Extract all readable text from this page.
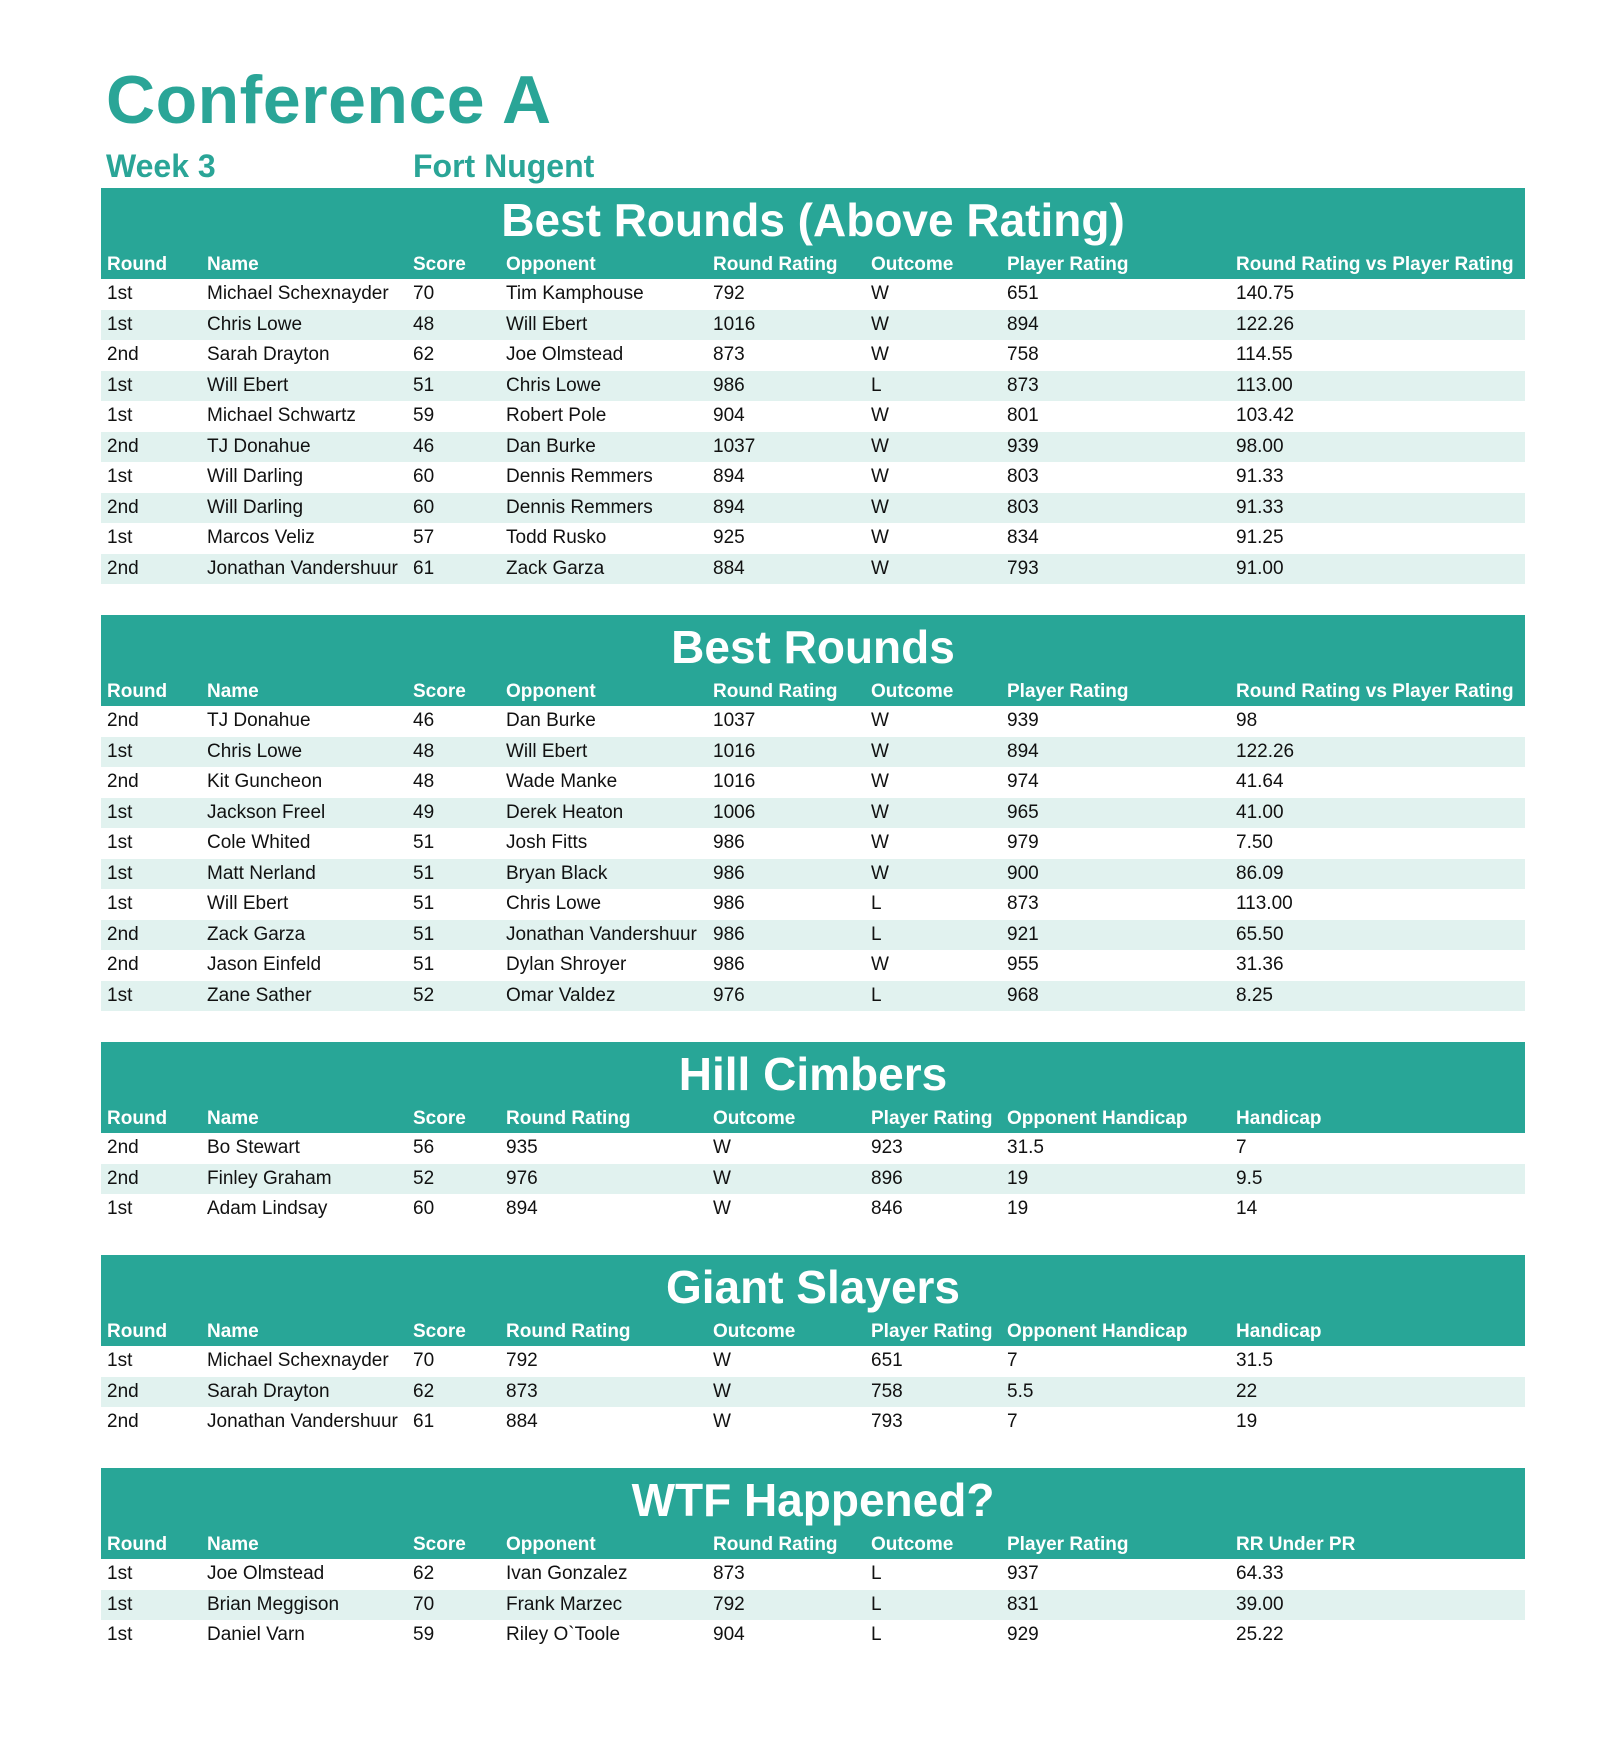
Conference A
Week 3	Fort Nugent
Best Rounds (Above Rating)
Round Name	Score Opponent	Round Rating Outcome	Player Rating	Round Rating vs Player Rating
1st	Michael Schexnayder 70	Tim Kamphouse	792	W	651	140.75
1st	Chris Lowe	48	Will Ebert	1016	W	894	122.26
2nd	Sarah Drayton	62	Joe Olmstead	873	W	758	114.55
1st	Will Ebert	51	Chris Lowe	986	L	873	113.00
1st	Michael Schwartz	59	Robert Pole	904	W	801	103.42
2nd	TJ Donahue	46	Dan Burke	1037	W	939	98.00
1st	Will Darling	60	Dennis Remmers	894	W	803	91.33
2nd	Will Darling	60	Dennis Remmers	894	W	803	91.33
1st	Marcos Veliz	57	Todd Rusko	925	W	834	91.25
2nd	Jonathan Vandershuur 61	Zack Garza	884	W	793	91.00
Best Rounds
Round Name	Score Opponent	Round Rating Outcome	Player Rating	Round Rating vs Player Rating
2nd	TJ Donahue	46	Dan Burke	1037	W	939	98
1st	Chris Lowe	48	Will Ebert	1016	W	894	122.26
2nd	Kit Guncheon	48	Wade Manke	1016	W	974	41.64
1st	Jackson Freel	49	Derek Heaton	1006	W	965	41.00
1st	Cole Whited	51	Josh Fitts	986	W	979	7.50
1st	Matt Nerland	51	Bryan Black	986	W	900	86.09
1st	Will Ebert	51	Chris Lowe	986	L	873	113.00
2nd	Zack Garza	51	Jonathan Vandershuur 986	L	921	65.50
2nd	Jason Einfeld	51	Dylan Shroyer	986	W	955	31.36
1st	Zane Sather	52	Omar Valdez	976	L	968	8.25
Hill Cimbers
Round Name	Score Round Rating	Outcome	Player Rating Opponent Handicap	Handicap
2nd	Bo Stewart	56	935	W	923	31.5	7
2nd	Finley Graham	52	976	W	896	19	9.5
1st	Adam Lindsay	60	894	W	846	19	14
Giant Slayers
Round Name	Score Round Rating	Outcome	Player Rating Opponent Handicap	Handicap
1st	Michael Schexnayder 70	792	W	651	7	31.5
2nd	Sarah Drayton	62	873	W	758	5.5	22
2nd	Jonathan Vandershuur 61	884	W	793	7	19
WTF Happened?
Round Name	Score Opponent	Round Rating Outcome	Player Rating	RR Under PR
1st	Joe Olmstead	62	Ivan Gonzalez	873	L	937	64.33
1st	Brian Meggison	70	Frank Marzec	792	L	831	39.00
1st	Daniel Varn	59	Riley O`Toole	904	L	929	25.22
